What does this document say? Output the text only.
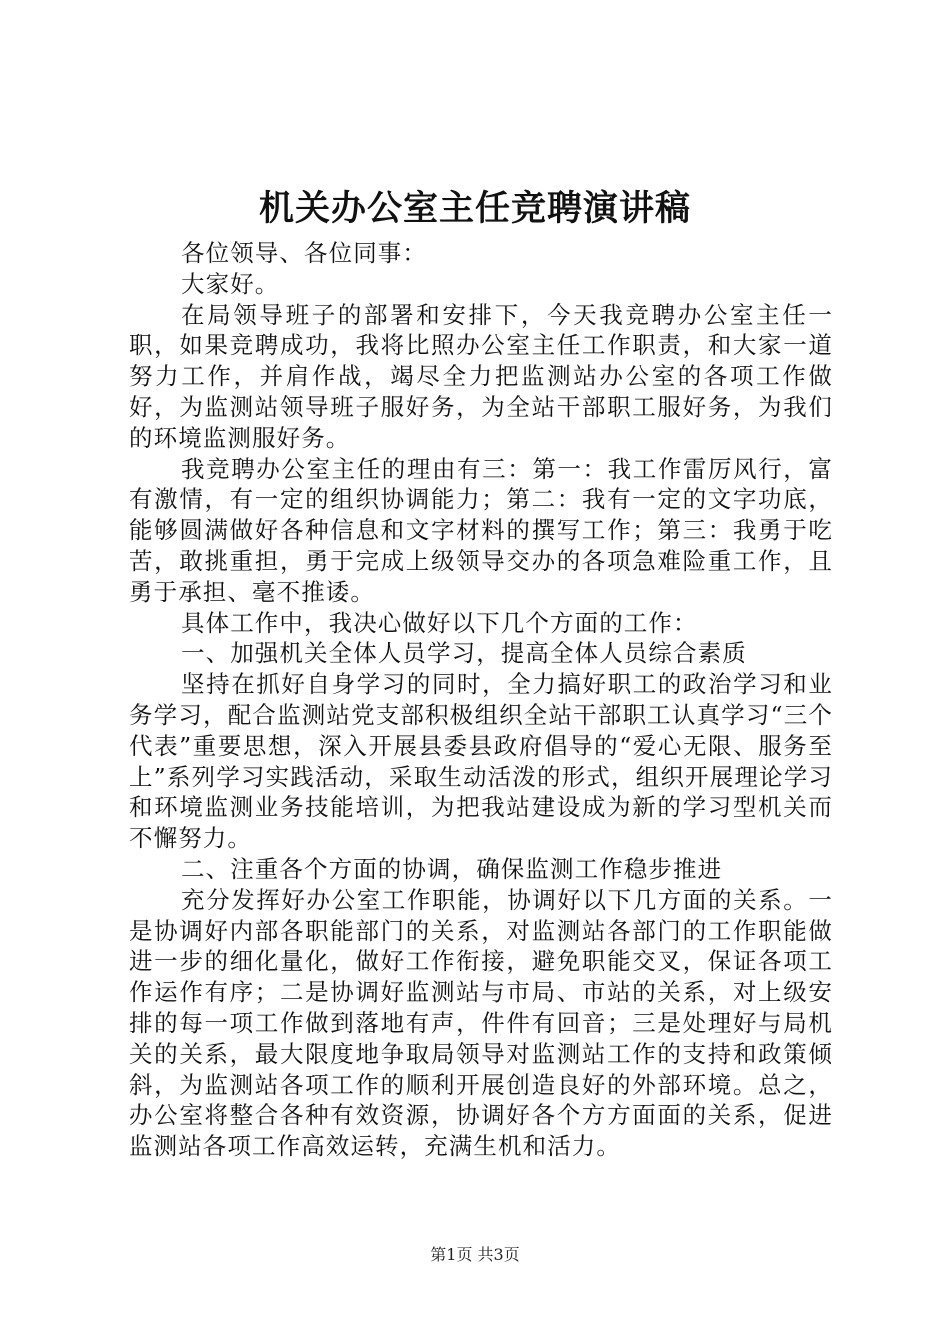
机关办公室主任竞聘演讲稿

各位领导、各位同事：

大家好。

在局领导班子的部署和安排下，今天我竞聘办公室主任一职，如果竞聘成功，我将比照办公室主任工作职责，和大家一道努力工作，并肩作战，竭尽全力把监测站办公室的各项工作做好，为监测站领导班子服好务，为全站干部职工服好务，为我们的环境监测服好务。

我竞聘办公室主任的理由有三：第一：我工作雷厉风行，富有激情，有一定的组织协调能力；第二：我有一定的文字功底，能够圆满做好各种信息和文字材料的撰写工作；第三：我勇于吃苦，敢挑重担，勇于完成上级领导交办的各项急难险重工作，且勇于承担、毫不推诿。

具体工作中，我决心做好以下几个方面的工作：

一、加强机关全体人员学习，提高全体人员综合素质

坚持在抓好自身学习的同时，全力搞好职工的政治学习和业务学习，配合监测站党支部积极组织全站干部职工认真学习“三个代表”重要思想，深入开展县委县政府倡导的“爱心无限、服务至上”系列学习实践活动，采取生动活泼的形式，组织开展理论学习和环境监测业务技能培训，为把我站建设成为新的学习型机关而不懈努力。

二、注重各个方面的协调，确保监测工作稳步推进

充分发挥好办公室工作职能，协调好以下几方面的关系。一是协调好内部各职能部门的关系，对监测站各部门的工作职能做进一步的细化量化，做好工作衔接，避免职能交叉，保证各项工作运作有序；二是协调好监测站与市局、市站的关系，对上级安排的每一项工作做到落地有声，件件有回音；三是处理好与局机关的关系，最大限度地争取局领导对监测站工作的支持和政策倾斜，为监测站各项工作的顺利开展创造良好的外部环境。总之，办公室将整合各种有效资源，协调好各个方方面面的关系，促进监测站各项工作高效运转，充满生机和活力。

第1页 共3页
